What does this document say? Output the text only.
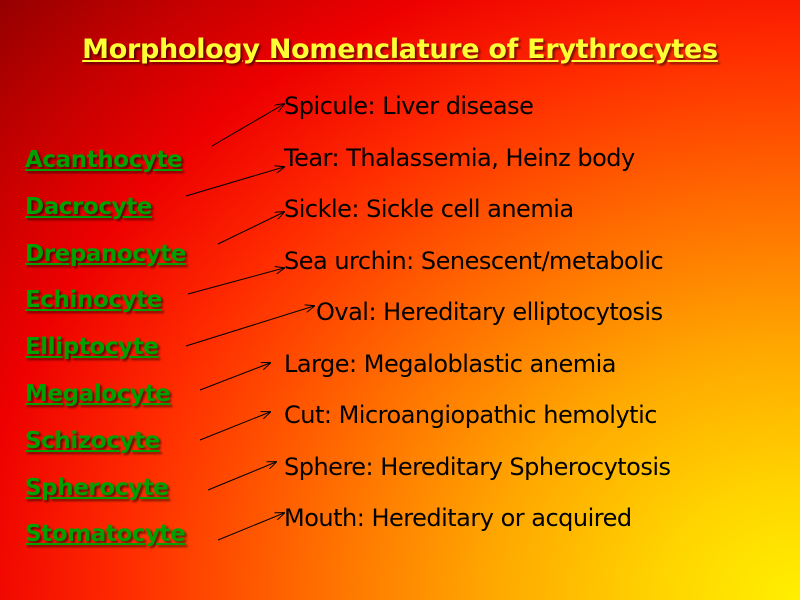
Morphology Nomenclature of Erythrocytes
Acanthocyte
Dacrocyte
Drepanocyte
Echinocyte
Elliptocyte
Megalocyte
Schizocyte
Spherocyte
Stomatocyte
Spicule: Liver disease
Tear: Thalassemia, Heinz body
Sickle: Sickle cell anemia
Sea urchin: Senescent/metabolic
Oval: Hereditary elliptocytosis
Large: Megaloblastic anemia
Cut: Microangiopathic hemolytic
Sphere: Hereditary Spherocytosis
Mouth: Hereditary or acquired
